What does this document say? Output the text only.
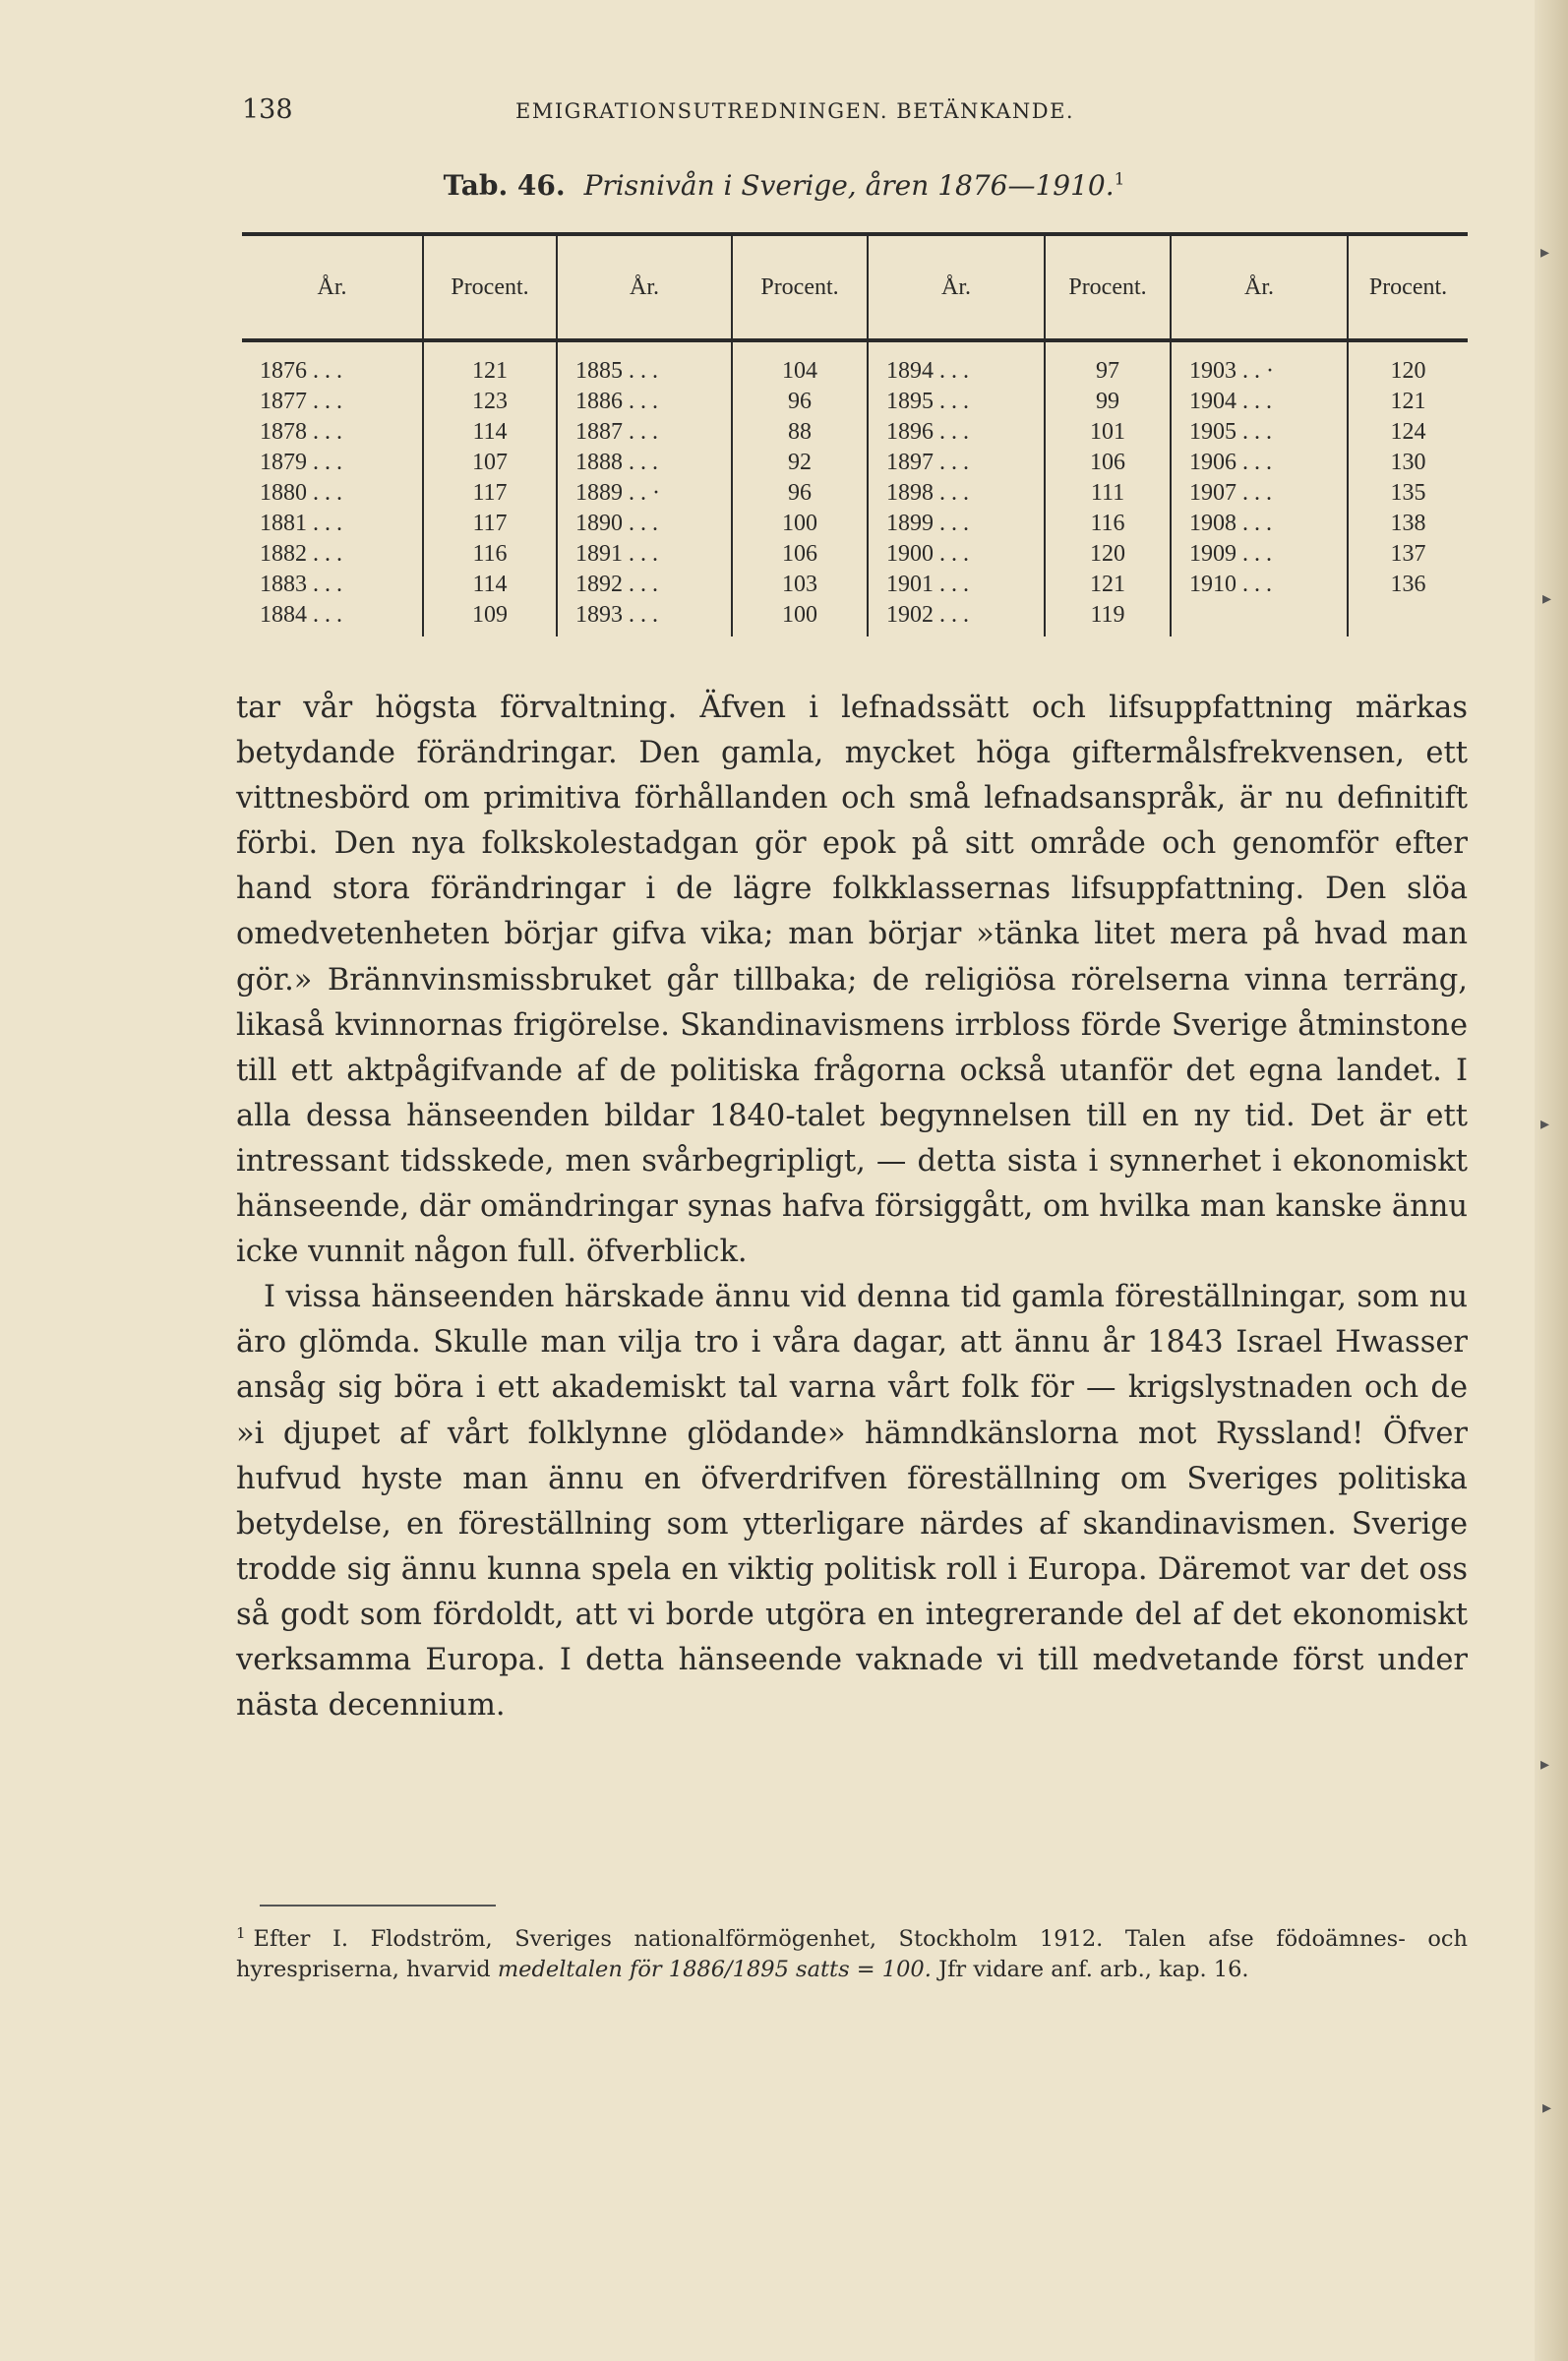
▸
▸
▸
▸
▸
138	EMIGRATIONSUTREDNINGEN. BETÄNKANDE.
Tab. 46. Prisnivån i Sverige, åren 1876—1910.$^1$
År.	Procent.	År.	Procent.	År.	Procent.	År.	Procent.
1876 . . .	121	1885 . . .	104	1894 . . .	97	1903 . . ·	120
1877 . . .	123	1886 . . .	96	1895 . . .	99	1904 . . .	121
1878 . . .	114	1887 . . .	88	1896 . . .	101	1905 . . .	124
1879 . . .	107	1888 . . .	92	1897 . . .	106	1906 . . .	130
1880 . . .	117	1889 . . ·	96	1898 . . .	111	1907 . . .	135
1881 . . .	117	1890 . . .	100	1899 . . .	116	1908 . . .	138
1882 . . .	116	1891 . . .	106	1900 . . .	120	1909 . . .	137
1883 . . .	114	1892 . . .	103	1901 . . .	121	1910 . . .	136
1884 . . .	109	1893 . . .	100	1902 . . .	119		

tar vår högsta förvaltning. Äfven i lefnadssätt och lifsuppfattning märkas betydande förändringar. Den gamla, mycket höga giftermålsfrekvensen, ett vittnesbörd om primitiva förhållanden och små lefnadsanspråk, är nu definitift förbi. Den nya folkskolestadgan gör epok på sitt område och genomför efter hand stora förändringar i de lägre folkklassernas lifsuppfattning. Den slöa omedvetenheten börjar gifva vika; man börjar »tänka litet mera på hvad man gör.» Brännvinsmissbruket går tillbaka; de religiösa rörelserna vinna terräng, likaså kvinnornas frigörelse. Skandinavismens irrbloss förde Sverige åtminstone till ett aktpågifvande af de politiska frågorna också utanför det egna landet. I alla dessa hänseenden bildar 1840-talet begynnelsen till en ny tid. Det är ett intressant tidsskede, men svårbegripligt, — detta sista i synnerhet i ekonomiskt hänseende, där omändringar synas hafva försiggått, om hvilka man kanske ännu icke vunnit någon full. öfverblick.

I vissa hänseenden härskade ännu vid denna tid gamla föreställningar, som nu äro glömda. Skulle man vilja tro i våra dagar, att ännu år 1843 Israel Hwasser ansåg sig böra i ett akademiskt tal varna vårt folk för — krigslystnaden och de »i djupet af vårt folklynne glödande» hämndkänslorna mot Ryssland! Öfver hufvud hyste man ännu en öfverdrifven föreställning om Sveriges politiska betydelse, en föreställning som ytterligare närdes af skandinavismen. Sverige trodde sig ännu kunna spela en viktig politisk roll i Europa. Däremot var det oss så godt som fördoldt, att vi borde utgöra en integrerande del af det ekonomiskt verksamma Europa. I detta hänseende vaknade vi till medvetande först under nästa decennium.

$^1$ Efter I. Flodström, Sveriges nationalförmögenhet, Stockholm 1912. Talen afse födoämnes- och hyrespriserna, hvarvid medeltalen för 1886/1895 satts = 100. Jfr vidare anf. arb., kap. 16.
